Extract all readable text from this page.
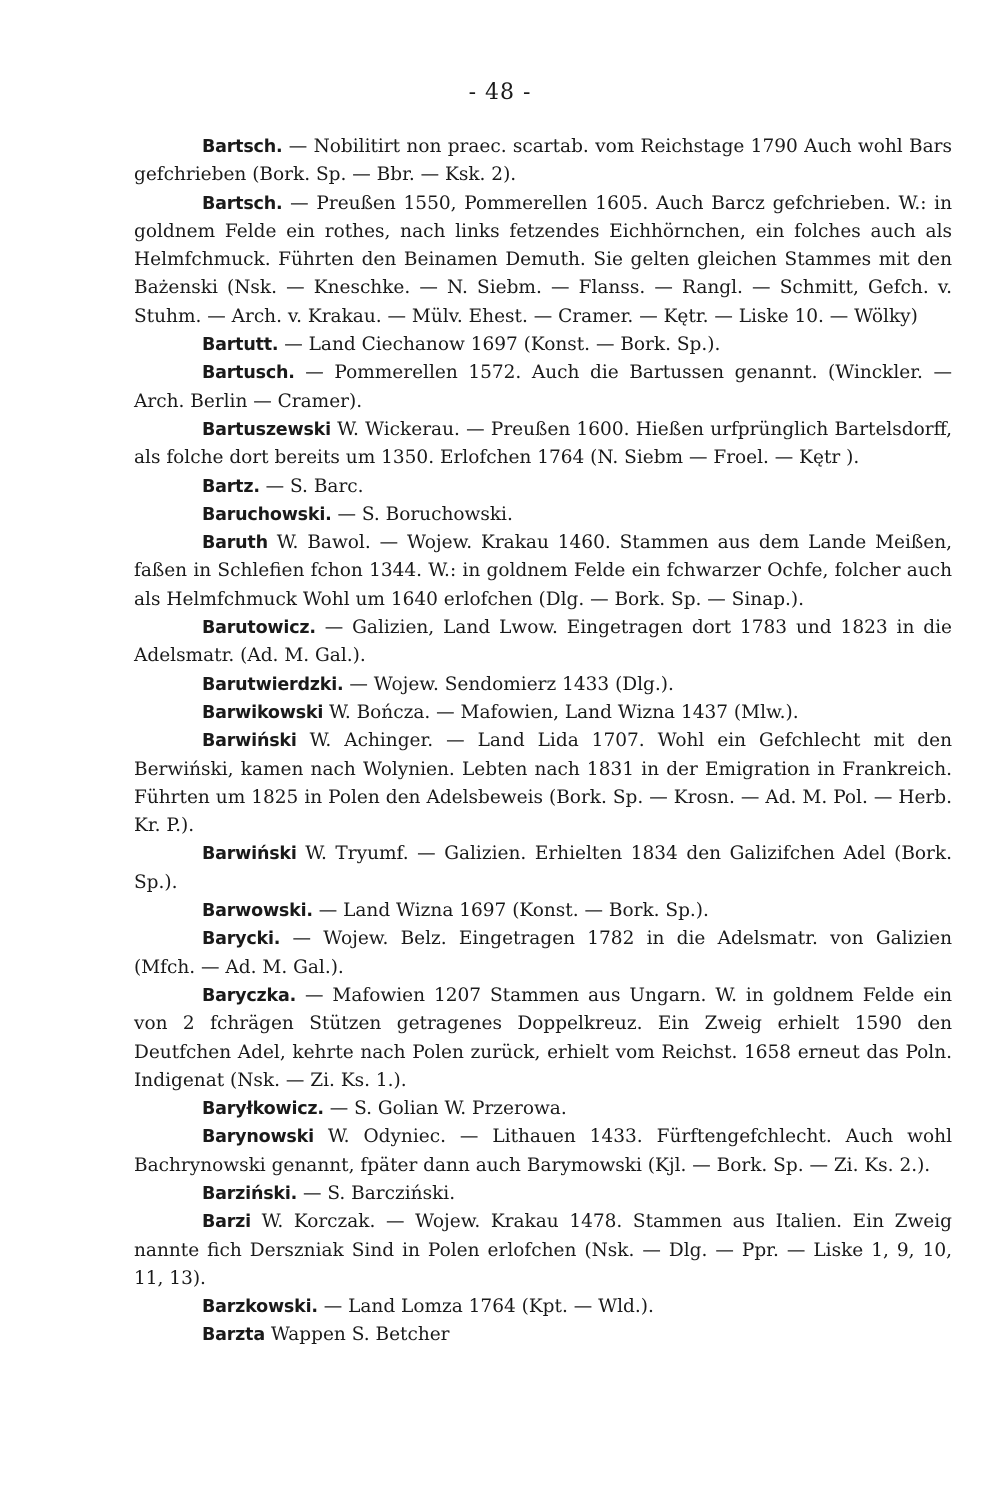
- 48 -

Bartsch. — Nobilitirt non praec. scartab. vom Reichstage 1790 Auch wohl Bars gefchrieben (Bork. Sp. — Bbr. — Ksk. 2).

Bartsch. — Preußen 1550, Pommerellen 1605. Auch Barcz gefchrieben. W.: in goldnem Felde ein rothes, nach links fetzendes Eichhörnchen, ein folches auch als Helmfchmuck. Führten den Beinamen Demuth. Sie gelten gleichen Stammes mit den Bażenski (Nsk. — Kneschke. — N. Siebm. — Flanss. — Rangl. — Schmitt, Gefch. v. Stuhm. — Arch. v. Krakau. — Mülv. Ehest. — Cramer. — Kętr. — Liske 10. — Wölky)

Bartutt. — Land Ciechanow 1697 (Konst. — Bork. Sp.).

Bartusch. — Pommerellen 1572. Auch die Bartussen genannt. (Winckler. — Arch. Berlin — Cramer).

Bartuszewski W. Wickerau. — Preußen 1600. Hießen urfprünglich Bartelsdorff, als folche dort bereits um 1350. Erlofchen 1764 (N. Siebm — Froel. — Kętr ).

Bartz. — S. Barc.

Baruchowski. — S. Boruchowski.

Baruth W. Bawol. — Wojew. Krakau 1460. Stammen aus dem Lande Meißen, faßen in Schlefien fchon 1344. W.: in goldnem Felde ein fchwarzer Ochfe, folcher auch als Helmfchmuck Wohl um 1640 erlofchen (Dlg. — Bork. Sp. — Sinap.).

Barutowicz. — Galizien, Land Lwow. Eingetragen dort 1783 und 1823 in die Adelsmatr. (Ad. M. Gal.).

Barutwierdzki. — Wojew. Sendomierz 1433 (Dlg.).

Barwikowski W. Bończa. — Mafowien, Land Wizna 1437 (Mlw.).

Barwiński W. Achinger. — Land Lida 1707. Wohl ein Gefchlecht mit den Berwiński, kamen nach Wolynien. Lebten nach 1831 in der Emigration in Frankreich. Führten um 1825 in Polen den Adelsbeweis (Bork. Sp. — Krosn. — Ad. M. Pol. — Herb. Kr. P.).

Barwiński W. Tryumf. — Galizien. Erhielten 1834 den Galizifchen Adel (Bork. Sp.).

Barwowski. — Land Wizna 1697 (Konst. — Bork. Sp.).

Barycki. — Wojew. Belz. Eingetragen 1782 in die Adelsmatr. von Galizien (Mfch. — Ad. M. Gal.).

Baryczka. — Mafowien 1207 Stammen aus Ungarn. W. in goldnem Felde ein von 2 fchrägen Stützen getragenes Doppelkreuz. Ein Zweig erhielt 1590 den Deutfchen Adel, kehrte nach Polen zurück, erhielt vom Reichst. 1658 erneut das Poln. Indigenat (Nsk. — Zi. Ks. 1.).

Baryłkowicz. — S. Golian W. Przerowa.

Barynowski W. Odyniec. — Lithauen 1433. Fürftengefchlecht. Auch wohl Bachrynowski genannt, fpäter dann auch Barymowski (Kjl. — Bork. Sp. — Zi. Ks. 2.).

Barziński. — S. Barcziński.

Barzi W. Korczak. — Wojew. Krakau 1478. Stammen aus Italien. Ein Zweig nannte fich Derszniak Sind in Polen erlofchen (Nsk. — Dlg. — Ppr. — Liske 1, 9, 10, 11, 13).

Barzkowski. — Land Lomza 1764 (Kpt. — Wld.).

Barzta Wappen S. Betcher
